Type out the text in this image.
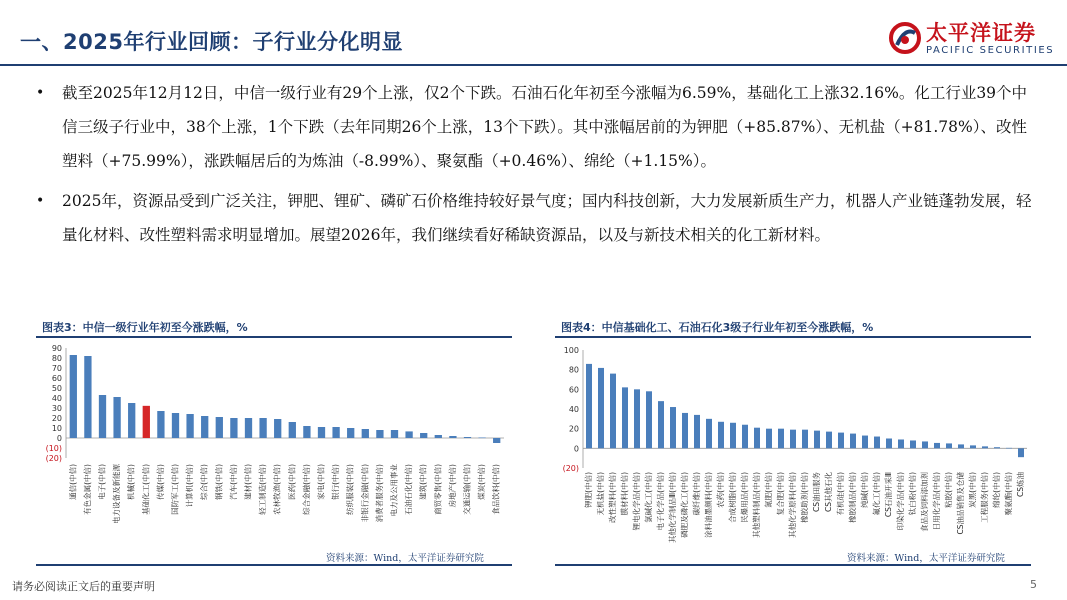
一、2025年行业回顾：子行业分化明显	太平洋证券
PACIFIC SECURITIES
• 截至2025年12月12日，中信一级行业有29个上涨，仅2个下跌。石油石化年初至今涨幅为6.59%，基础化工上涨32.16%。化工行业39个中信三级子行业中，38个上涨，1个下跌（去年同期26个上涨，13个下跌）。其中涨幅居前的为钾肥（+85.87%）、无机盐（+81.78%）、改性塑料（+75.99%），涨跌幅居后的为炼油（-8.99%）、聚氨酯（+0.46%）、绵纶（+1.15%）。
• 2025年，资源品受到广泛关注，钾肥、锂矿、磷矿石价格维持较好景气度；国内科技创新，大力发展新质生产力，机器人产业链蓬勃发展，轻量化材料、改性塑料需求明显增加。展望2026年，我们继续看好稀缺资源品，以及与新技术相关的化工新材料。
图表3：中信一级行业年初至今涨跌幅，%
90
80
70
60
50
40
30
20
10
0
(10)
(20)
通信(中信) 有色金属(中信) 电子(中信) 电力设备及新能源 机械(中信) 基础化工(中信) 传媒(中信) 国防军工(中信) 计算机(中信) 综合(中信) 钢铁(中信) 汽车(中信) 建材(中信) 轻工制造(中信) 农林牧渔(中信) 医药(中信) 综合金融(中信) 家电(中信) 银行(中信) 纺织服装(中信) 非银行金融(中信) 消费者服务(中信) 电力及公用事业 石油石化(中信) 建筑(中信) 商贸零售(中信) 房地产(中信) 交通运输(中信) 煤炭(中信) 食品饮料(中信)
资料来源：Wind，太平洋证券研究院
图表4：中信基础化工、石油石化3级子行业年初至今涨跌幅，%
100
80
60
40
20
0
(20)
钾肥(中信) 无机盐(中信) 改性塑料(中信) 膜材料(中信) 锂电化学品(中信) 氯碱化工(中信) 电子化学品(中信) 其他化学制品Ⅲ(中信) 磷肥及磷化工(中信) 碳纤维(中信) 涂料油墨颜料(中信) 农药(中信) 合成树脂(中信) 民爆用品(中信) 其他塑料制品(中信) 氮肥(中信) 复合肥(中信) 其他化学原料(中信) 橡胶助剂(中信) CS油田服务 CS其他石化 有机硅(中信) 橡胶制品(中信) 纯碱(中信) 氟化工(中信) CS石油开采Ⅲ 印染化学品(中信) 钛白粉(中信) 食品及饲料添加剂 日用化学品(中信) 粘胶(中信) CS油品销售及仓储 炭黑(中信) 工程服务(中信) 绵纶(中信) 聚氨酯(中信) CS炼油
资料来源：Wind，太平洋证券研究院
请务必阅读正文后的重要声明	5
